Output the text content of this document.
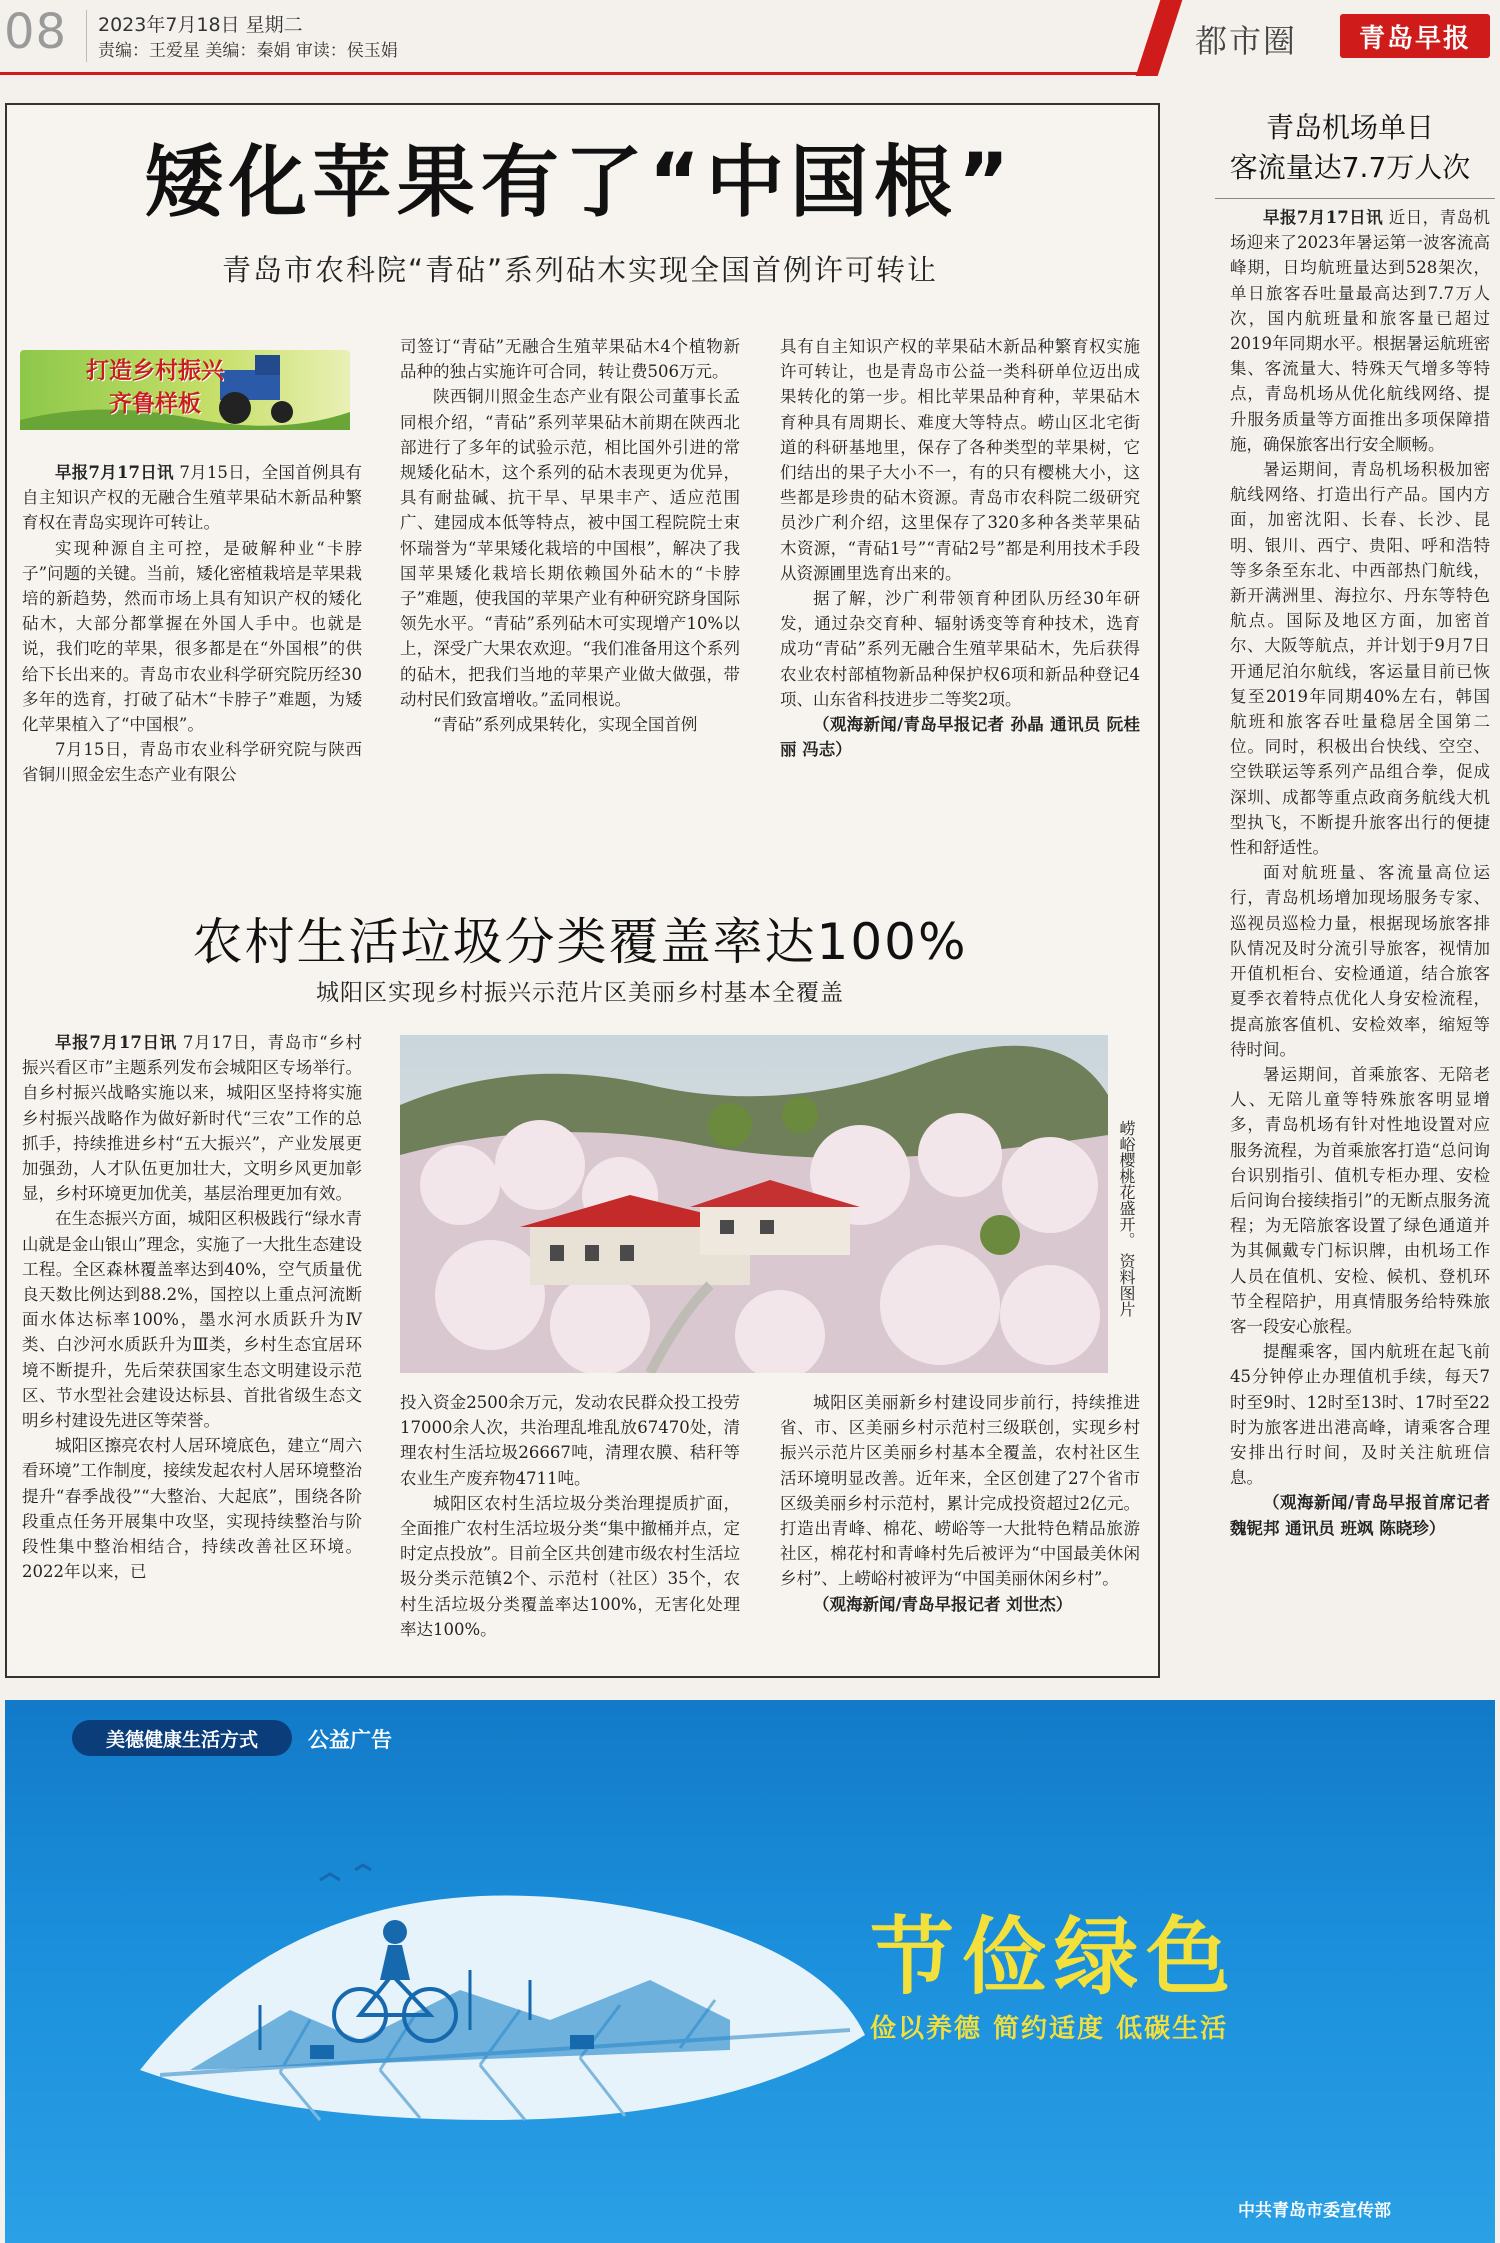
08 2023年7月18日 星期二
责编：王爱星 美编：秦娟 审读：侯玉娟	都市圈	青岛早报
矮化苹果有了“中国根”
青岛市农科院“青砧”系列砧木实现全国首例许可转让
打造乡村振兴
齐鲁样板

早报7月17日讯 7月15日，全国首例具有自主知识产权的无融合生殖苹果砧木新品种繁育权在青岛实现许可转让。

实现种源自主可控，是破解种业“卡脖子”问题的关键。当前，矮化密植栽培是苹果栽培的新趋势，然而市场上具有知识产权的矮化砧木，大部分都掌握在外国人手中。也就是说，我们吃的苹果，很多都是在“外国根”的供给下长出来的。青岛市农业科学研究院历经30多年的选育，打破了砧木“卡脖子”难题，为矮化苹果植入了“中国根”。

7月15日，青岛市农业科学研究院与陕西省铜川照金宏生态产业有限公

司签订“青砧”无融合生殖苹果砧木4个植物新品种的独占实施许可合同，转让费506万元。

陕西铜川照金生态产业有限公司董事长孟同根介绍，“青砧”系列苹果砧木前期在陕西北部进行了多年的试验示范，相比国外引进的常规矮化砧木，这个系列的砧木表现更为优异，具有耐盐碱、抗干旱、早果丰产、适应范围广、建园成本低等特点，被中国工程院院士束怀瑞誉为“苹果矮化栽培的中国根”，解决了我国苹果矮化栽培长期依赖国外砧木的“卡脖子”难题，使我国的苹果产业有种研究跻身国际领先水平。“青砧”系列砧木可实现增产10%以上，深受广大果农欢迎。“我们准备用这个系列的砧木，把我们当地的苹果产业做大做强，带动村民们致富增收。”孟同根说。

“青砧”系列成果转化，实现全国首例

具有自主知识产权的苹果砧木新品种繁育权实施许可转让，也是青岛市公益一类科研单位迈出成果转化的第一步。相比苹果品种育种，苹果砧木育种具有周期长、难度大等特点。崂山区北宅街道的科研基地里，保存了各种类型的苹果树，它们结出的果子大小不一，有的只有樱桃大小，这些都是珍贵的砧木资源。青岛市农科院二级研究员沙广利介绍，这里保存了320多种各类苹果砧木资源，“青砧1号”“青砧2号”都是利用技术手段从资源圃里选育出来的。

据了解，沙广利带领育种团队历经30年研发，通过杂交育种、辐射诱变等育种技术，选育成功“青砧”系列无融合生殖苹果砧木，先后获得农业农村部植物新品种保护权6项和新品种登记4项、山东省科技进步二等奖2项。

（观海新闻/青岛早报记者 孙晶 通讯员 阮桂丽 冯志）

农村生活垃圾分类覆盖率达100%
城阳区实现乡村振兴示范片区美丽乡村基本全覆盖

早报7月17日讯 7月17日，青岛市“乡村振兴看区市”主题系列发布会城阳区专场举行。自乡村振兴战略实施以来，城阳区坚持将实施乡村振兴战略作为做好新时代“三农”工作的总抓手，持续推进乡村“五大振兴”，产业发展更加强劲，人才队伍更加壮大，文明乡风更加彰显，乡村环境更加优美，基层治理更加有效。

在生态振兴方面，城阳区积极践行“绿水青山就是金山银山”理念，实施了一大批生态建设工程。全区森林覆盖率达到40%，空气质量优良天数比例达到88.2%，国控以上重点河流断面水体达标率100%，墨水河水质跃升为Ⅳ类、白沙河水质跃升为Ⅲ类，乡村生态宜居环境不断提升，先后荣获国家生态文明建设示范区、节水型社会建设达标县、首批省级生态文明乡村建设先进区等荣誉。

城阳区擦亮农村人居环境底色，建立“周六看环境”工作制度，接续发起农村人居环境整治提升“春季战役”“大整治、大起底”，围绕各阶段重点任务开展集中攻坚，实现持续整治与阶段性集中整治相结合，持续改善社区环境。2022年以来，已

崂峪樱桃花盛开。 资料图片

投入资金2500余万元，发动农民群众投工投劳17000余人次，共治理乱堆乱放67470处，清理农村生活垃圾26667吨，清理农膜、秸秆等农业生产废弃物4711吨。

城阳区农村生活垃圾分类治理提质扩面，全面推广农村生活垃圾分类“集中撤桶并点，定时定点投放”。目前全区共创建市级农村生活垃圾分类示范镇2个、示范村（社区）35个，农村生活垃圾分类覆盖率达100%，无害化处理率达100%。

城阳区美丽新乡村建设同步前行，持续推进省、市、区美丽乡村示范村三级联创，实现乡村振兴示范片区美丽乡村基本全覆盖，农村社区生活环境明显改善。近年来，全区创建了27个省市区级美丽乡村示范村，累计完成投资超过2亿元。打造出青峰、棉花、崂峪等一大批特色精品旅游社区，棉花村和青峰村先后被评为“中国最美休闲乡村”、上崂峪村被评为“中国美丽休闲乡村”。

（观海新闻/青岛早报记者 刘世杰）

青岛机场单日
客流量达7.7万人次

早报7月17日讯 近日，青岛机场迎来了2023年暑运第一波客流高峰期，日均航班量达到528架次，单日旅客吞吐量最高达到7.7万人次，国内航班量和旅客量已超过2019年同期水平。根据暑运航班密集、客流量大、特殊天气增多等特点，青岛机场从优化航线网络、提升服务质量等方面推出多项保障措施，确保旅客出行安全顺畅。

暑运期间，青岛机场积极加密航线网络、打造出行产品。国内方面，加密沈阳、长春、长沙、昆明、银川、西宁、贵阳、呼和浩特等多条至东北、中西部热门航线，新开满洲里、海拉尔、丹东等特色航点。国际及地区方面，加密首尔、大阪等航点，并计划于9月7日开通尼泊尔航线，客运量目前已恢复至2019年同期40%左右，韩国航班和旅客吞吐量稳居全国第二位。同时，积极出台快线、空空、空铁联运等系列产品组合拳，促成深圳、成都等重点政商务航线大机型执飞，不断提升旅客出行的便捷性和舒适性。

面对航班量、客流量高位运行，青岛机场增加现场服务专家、巡视员巡检力量，根据现场旅客排队情况及时分流引导旅客，视情加开值机柜台、安检通道，结合旅客夏季衣着特点优化人身安检流程，提高旅客值机、安检效率，缩短等待时间。

暑运期间，首乘旅客、无陪老人、无陪儿童等特殊旅客明显增多，青岛机场有针对性地设置对应服务流程，为首乘旅客打造“总问询台识别指引、值机专柜办理、安检后问询台接续指引”的无断点服务流程；为无陪旅客设置了绿色通道并为其佩戴专门标识牌，由机场工作人员在值机、安检、候机、登机环节全程陪护，用真情服务给特殊旅客一段安心旅程。

提醒乘客，国内航班在起飞前45分钟停止办理值机手续，每天7时至9时、12时至13时、17时至22时为旅客进出港高峰，请乘客合理安排出行时间，及时关注航班信息。

（观海新闻/青岛早报首席记者 魏铌邦 通讯员 班飒 陈晓珍）

美德健康生活方式	公益广告
节俭绿色
俭以养德 简约适度 低碳生活
中共青岛市委宣传部
